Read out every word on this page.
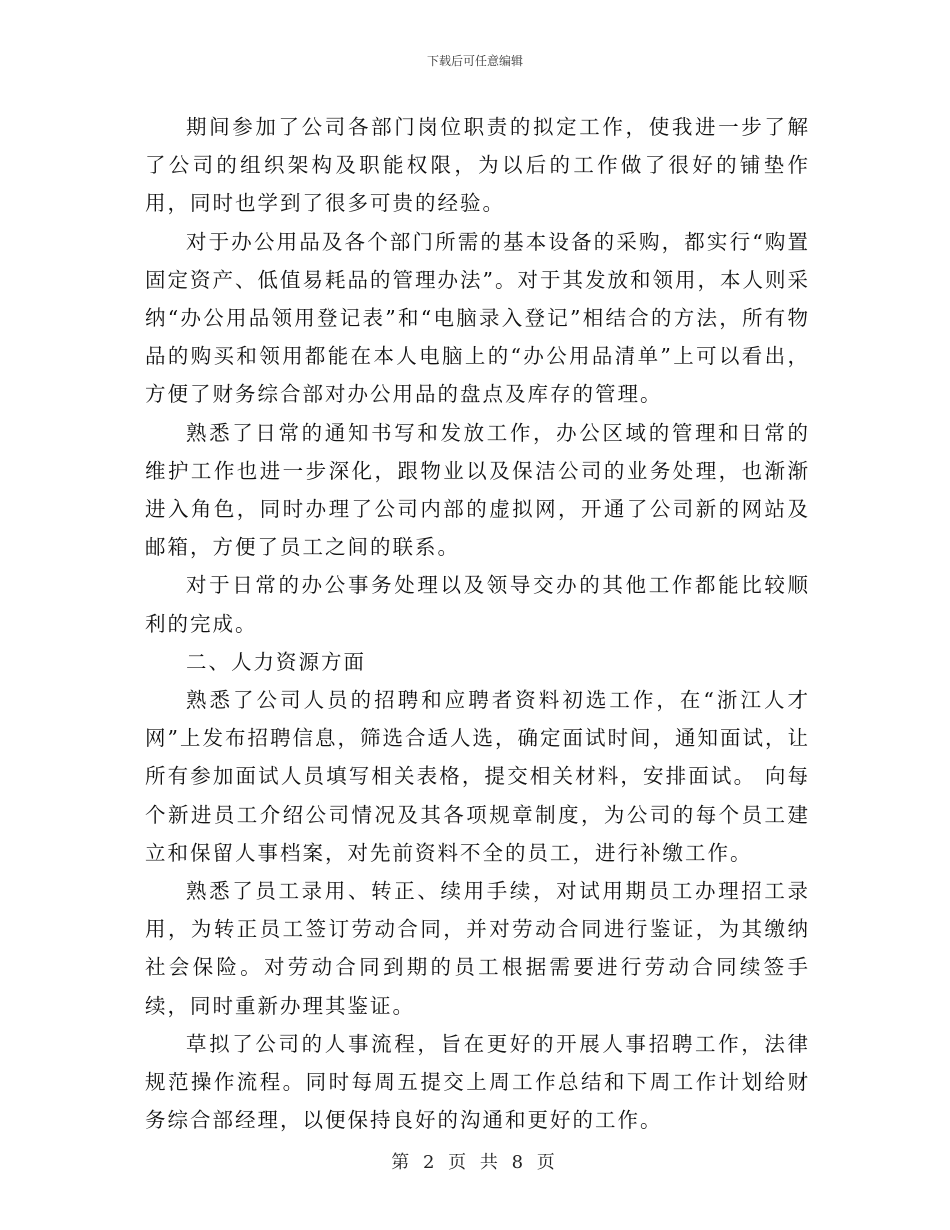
下载后可任意编辑

期间参加了公司各部门岗位职责的拟定工作，使我进一步了解了公司的组织架构及职能权限，为以后的工作做了很好的铺垫作用，同时也学到了很多可贵的经验。

对于办公用品及各个部门所需的基本设备的采购，都实行“购置固定资产、低值易耗品的管理办法”。对于其发放和领用，本人则采纳“办公用品领用登记表”和“电脑录入登记”相结合的方法，所有物品的购买和领用都能在本人电脑上的“办公用品清单”上可以看出，方便了财务综合部对办公用品的盘点及库存的管理。

熟悉了日常的通知书写和发放工作，办公区域的管理和日常的维护工作也进一步深化，跟物业以及保洁公司的业务处理，也渐渐进入角色，同时办理了公司内部的虚拟网，开通了公司新的网站及邮箱，方便了员工之间的联系。

对于日常的办公事务处理以及领导交办的其他工作都能比较顺利的完成。

二、人力资源方面

熟悉了公司人员的招聘和应聘者资料初选工作，在“浙江人才网”上发布招聘信息，筛选合适人选，确定面试时间，通知面试，让所有参加面试人员填写相关表格，提交相关材料，安排面试。 向每个新进员工介绍公司情况及其各项规章制度，为公司的每个员工建立和保留人事档案，对先前资料不全的员工，进行补缴工作。

熟悉了员工录用、转正、续用手续，对试用期员工办理招工录用，为转正员工签订劳动合同，并对劳动合同进行鉴证，为其缴纳社会保险。对劳动合同到期的员工根据需要进行劳动合同续签手续，同时重新办理其鉴证。

草拟了公司的人事流程，旨在更好的开展人事招聘工作，法律规范操作流程。同时每周五提交上周工作总结和下周工作计划给财务综合部经理，以便保持良好的沟通和更好的工作。

第 2 页 共 8 页
